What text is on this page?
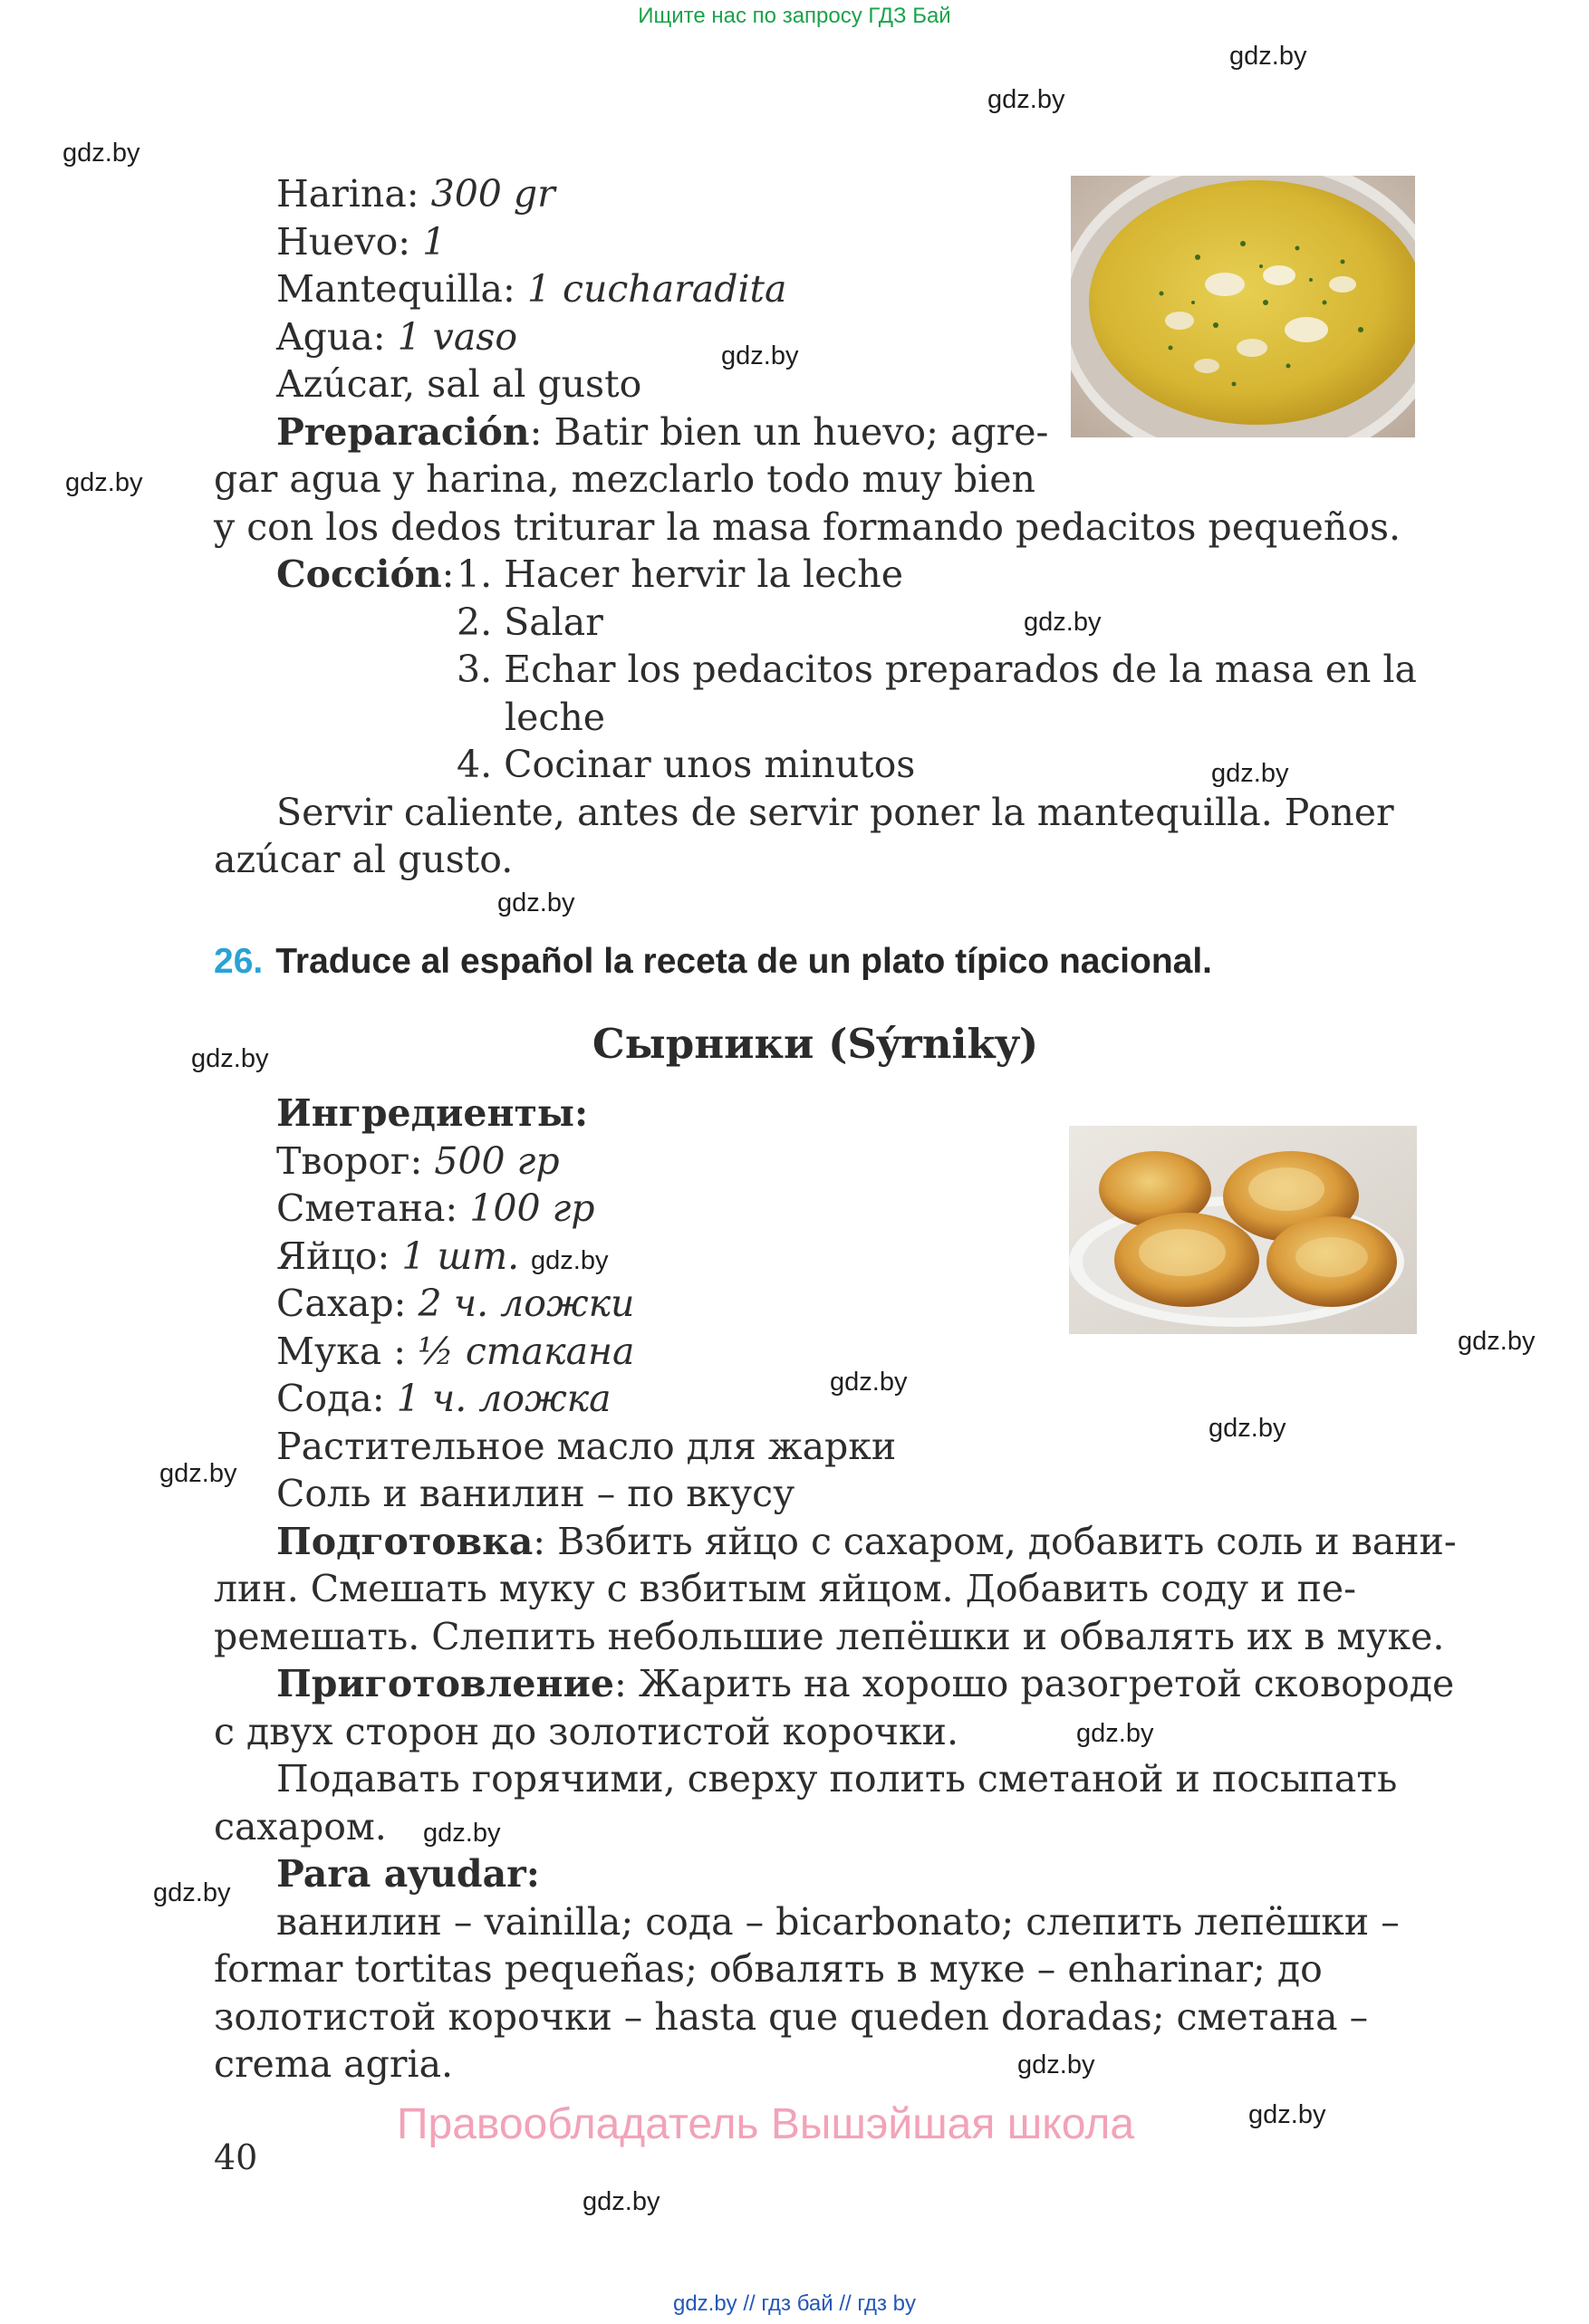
Ищите нас по запросу ГДЗ Бай
gdz.by
gdz.by
gdz.by
gdz.by
gdz.by
gdz.by
gdz.by
gdz.by
gdz.by
gdz.by
gdz.by
gdz.by
gdz.by
gdz.by
gdz.by
gdz.by
gdz.by
gdz.by
gdz.by
gdz.by
Harina: 300 gr
Huevo: 1
Mantequilla: 1 cucharadita
Agua: 1 vaso
Azúcar, sal al gusto
Preparación: Batir bien un huevo; agre-
gar agua y harina, mezclarlo todo muy bien
y con los dedos triturar la masa formando pedacitos pequeños.
Cocción: 1. Hacer hervir la leche
2. Salar
3. Echar los pedacitos preparados de la masa en la
leche
4. Cocinar unos minutos
Servir caliente, antes de servir poner la mantequilla. Poner
azúcar al gusto.
26. Traduce al español la receta de un plato típico nacional.
Сырники (Sýrniky)
Ингредиенты:
Творог: 500 гр
Сметана: 100 гр
Яйцо: 1 шт.
Сахар: 2 ч. ложки
Мука : ½ стакана
Сода: 1 ч. ложка
Растительное масло для жарки
Соль и ванилин – по вкусу
Подготовка: Взбить яйцо с сахаром, добавить соль и вани-
лин. Смешать муку с взбитым яйцом. Добавить соду и пе-
ремешать. Слепить небольшие лепёшки и обвалять их в муке.
Приготовление: Жарить на хорошо разогретой сковороде
с двух сторон до золотистой корочки.
Подавать горячими, сверху полить сметаной и посыпать
сахаром.
Para ayudar:
ванилин – vainilla; сода – bicarbonato; слепить лепёшки –
formar tortitas pequeñas; обвалять в муке – enharinar; до
золотистой корочки – hasta que queden doradas; сметана –
crema agria.
Правообладатель Вышэйшая школа
40
gdz.by // гдз бай // гдз by
